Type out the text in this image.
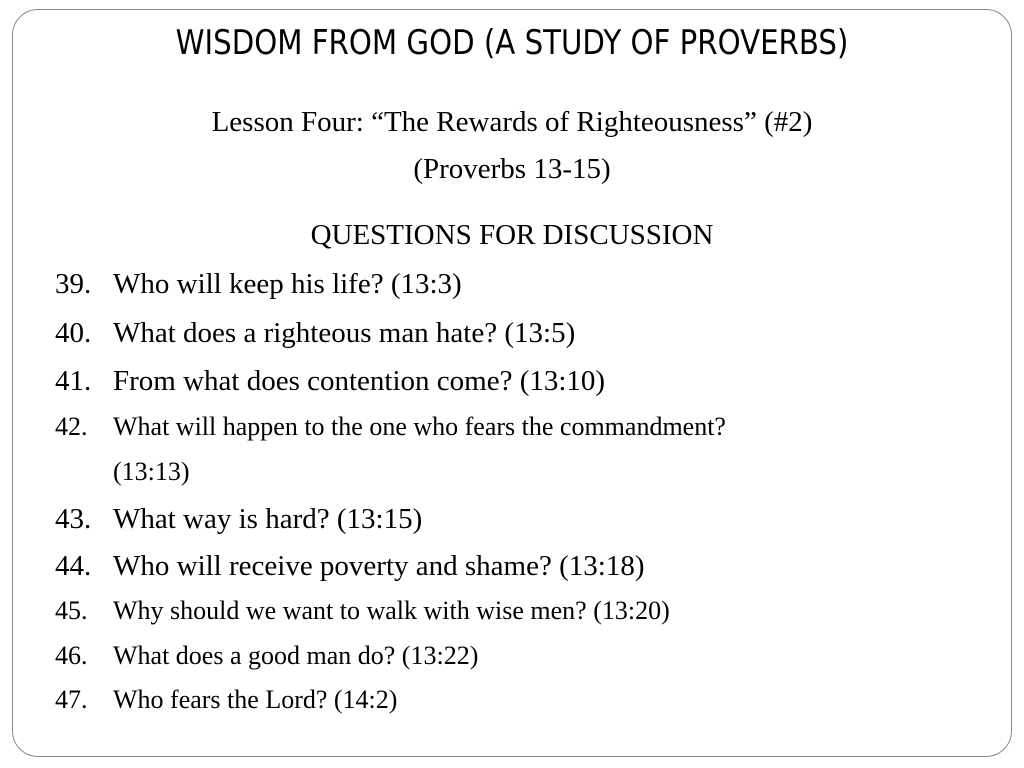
WISDOM FROM GOD (A STUDY OF PROVERBS)
Lesson Four: “The Rewards of Righteousness” (#2)
(Proverbs 13-15)
QUESTIONS FOR DISCUSSION
39. Who will keep his life? (13:3)
40. What does a righteous man hate? (13:5)
41. From what does contention come? (13:10)
42. What will happen to the one who fears the commandment?
(13:13)
43. What way is hard? (13:15)
44. Who will receive poverty and shame? (13:18)
45. Why should we want to walk with wise men? (13:20)
46. What does a good man do? (13:22)
47. Who fears the Lord? (14:2)
